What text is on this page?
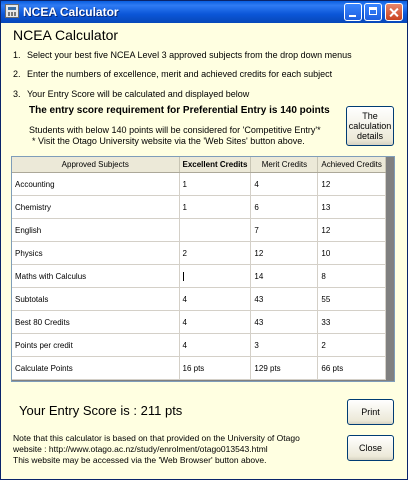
NCEA Calculator
NCEA Calculator
1. Select your best five NCEA Level 3 approved subjects from the drop down menus
2. Enter the numbers of excellence, merit and achieved credits for each subject
3. Your Entry Score will be calculated and displayed below
The entry score requirement for Preferential Entry is 140 points
Students with below 140 points will be considered for 'Competitive Entry'*
* Visit the Otago University website via the 'Web Sites' button above.
The
calculation
details
Approved Subjects	Excellent Credits	Merit Credits	Achieved Credits
Accounting	1	4	12
Chemistry	1	6	13
English		7	12
Physics	2	12	10
Maths with Calculus		14	8
Subtotals	4	43	55
Best 80 Credits	4	43	33
Points per credit	4	3	2
Calculate Points	16 pts	129 pts	66 pts
Your Entry Score is : 211 pts
Note that this calculator is based on that provided on the University of Otago
website : http://www.otago.ac.nz/study/enrolment/otago013543.html
This website may be accessed via the 'Web Browser' button above.
Print
Close
